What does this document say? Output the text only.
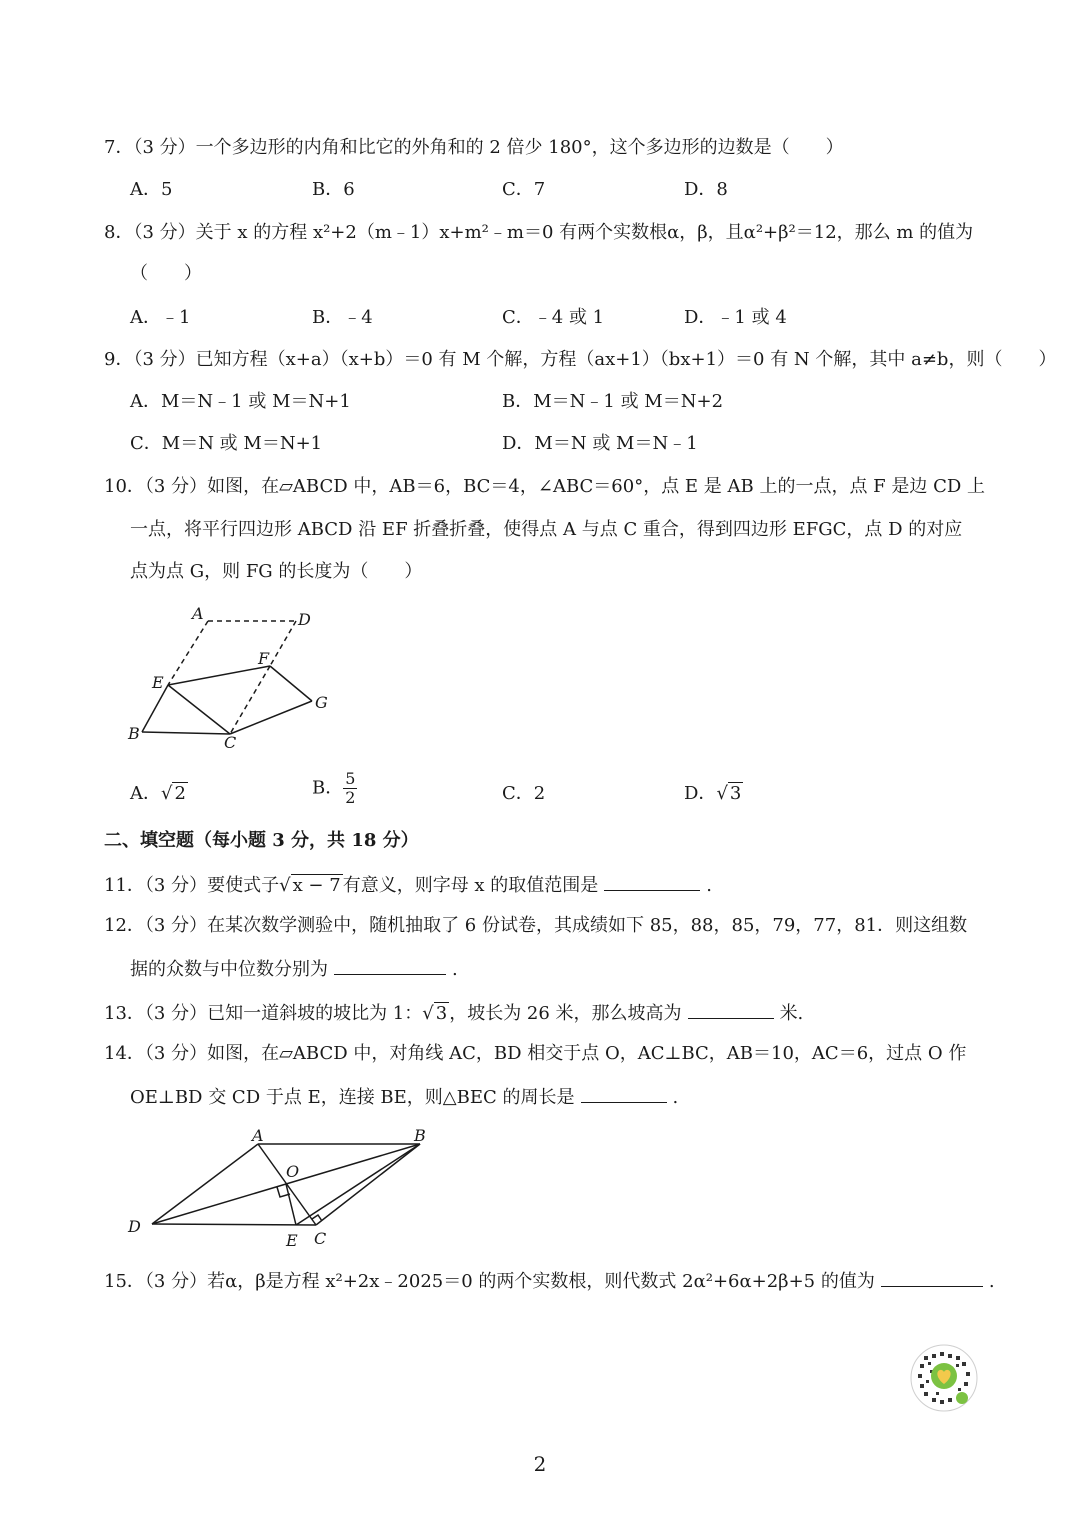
7．（3 分）一个多边形的内角和比它的外角和的 2 倍少 180°，这个多边形的边数是（　　）
A．5	B．6	C．7	D．8
8．（3 分）关于 x 的方程 x²+2（m﹣1）x+m²﹣m＝0 有两个实数根α，β，且α²+β²＝12，那么 m 的值为
（　　）
A．﹣1	B．﹣4	C．﹣4 或 1	D．﹣1 或 4
9．（3 分）已知方程（x+a）（x+b）＝0 有 M 个解，方程（ax+1）（bx+1）＝0 有 N 个解，其中 a≠b，则（　　）
A．M＝N﹣1 或 M＝N+1	B．M＝N﹣1 或 M＝N+2
C．M＝N 或 M＝N+1	D．M＝N 或 M＝N﹣1
10．（3 分）如图，在▱ABCD 中，AB＝6，BC＝4，∠ABC＝60°，点 E 是 AB 上的一点，点 F 是边 CD 上
一点，将平行四边形 ABCD 沿 EF 折叠折叠，使得点 A 与点 C 重合，得到四边形 EFGC，点 D 的对应
点为点 G，则 FG 的长度为（　　）
A	D
F
E
G
B	C
A．√ 2	B． $\frac{5}{2}$	C．2	D．√ 3
二、填空题（每小题 3 分，共 18 分）
11．（3 分）要使式子√ x − 7 有意义，则字母 x 的取值范围是	.
12．（3 分）在某次数学测验中，随机抽取了 6 份试卷，其成绩如下 85，88，85，79，77，81．则这组数
据的众数与中位数分别为	.
13．（3 分）已知一道斜坡的坡比为 1：√ 3 ，坡长为 26 米，那么坡高为	米.
14．（3 分）如图，在▱ABCD 中，对角线 AC，BD 相交于点 O，AC⊥BC，AB＝10，AC＝6，过点 O 作
OE⊥BD 交 CD 于点 E，连接 BE，则△BEC 的周长是	.
A	B
O
D
E C
15．（3 分）若α，β是方程 x²+2x﹣2025＝0 的两个实数根，则代数式 2α²+6α+2β+5 的值为	.
2
